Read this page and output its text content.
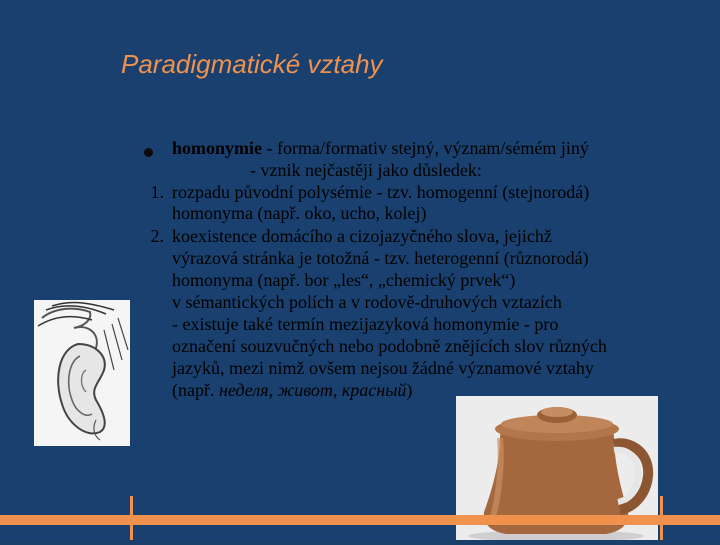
Paradigmatické vztahy
homonymie - forma/formativ stejný, význam/sémém jiný
- vznik nejčastěji jako důsledek:
1. rozpadu původní polysémie - tzv. homogenní (stejnorodá)
homonyma (např. oko, ucho, kolej)
2. koexistence domácího a cizojazyčného slova, jejichž
výrazová stránka je totožná - tzv. heterogenní (různorodá)
homonyma (např. bor „les“, „chemický prvek“)
v sémantických polích a v rodově-druhových vztazích
- existuje také termín mezijazyková homonymie - pro
označení souzvučných nebo podobně znějících slov různých
jazyků, mezi nimž ovšem nejsou žádné významové vztahy
(např. неделя, живот, красный)
